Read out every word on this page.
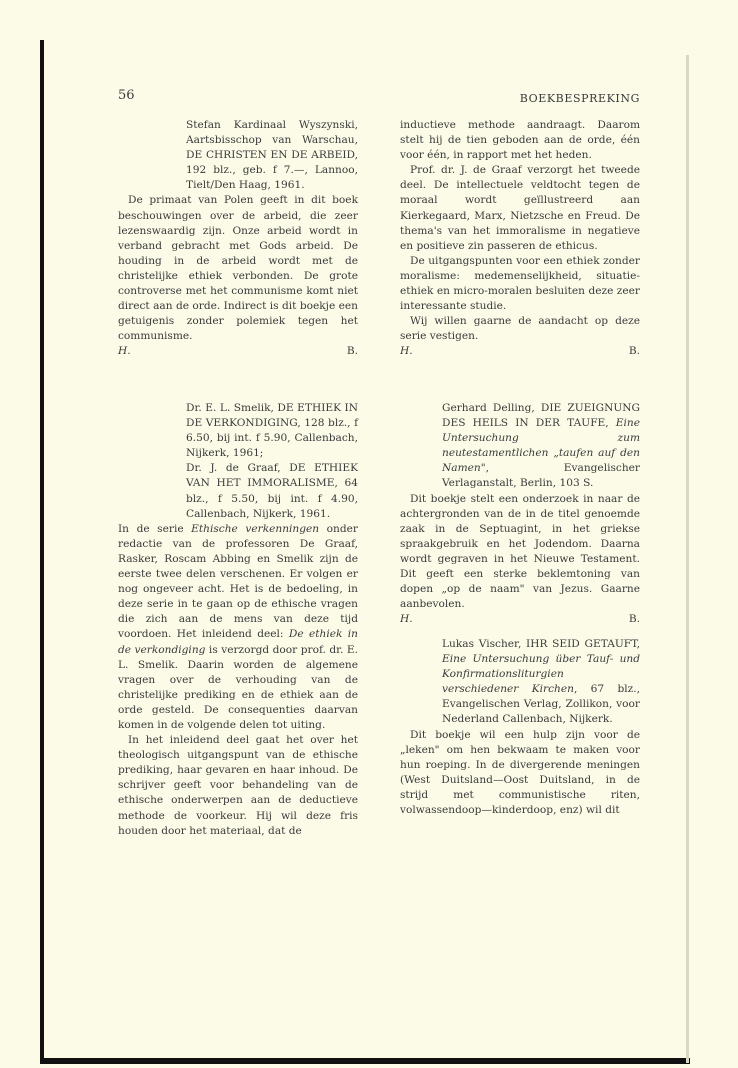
56	BOEKBESPREKING

Stefan Kardinaal Wyszynski, Aartsbisschop van Warschau, DE CHRISTEN EN DE ARBEID, 192 blz., geb. f 7.—, Lannoo, Tielt/Den Haag, 1961.

De primaat van Polen geeft in dit boek beschouwingen over de arbeid, die zeer lezenswaardig zijn. Onze arbeid wordt in verband gebracht met Gods arbeid. De houding in de arbeid wordt met de christelijke ethiek verbonden. De grote controverse met het communisme komt niet direct aan de orde. Indirect is dit boekje een getuigenis zonder polemiek tegen het communisme.

H.	B.

Dr. E. L. Smelik, DE ETHIEK IN DE VERKONDIGING, 128 blz., f 6.50, bij int. f 5.90, Callenbach, Nijkerk, 1961;

Dr. J. de Graaf, DE ETHIEK VAN HET IMMORALISME, 64 blz., f 5.50, bij int. f 4.90, Callenbach, Nijkerk, 1961.

In de serie Ethische verkenningen onder redactie van de professoren De Graaf, Rasker, Roscam Abbing en Smelik zijn de eerste twee delen verschenen. Er volgen er nog ongeveer acht. Het is de bedoeling, in deze serie in te gaan op de ethische vragen die zich aan de mens van deze tijd voordoen. Het inleidend deel: De ethiek in de verkondiging is verzorgd door prof. dr. E. L. Smelik. Daarin worden de algemene vragen over de verhouding van de christelijke prediking en de ethiek aan de orde gesteld. De consequenties daarvan komen in de volgende delen tot uiting.

In het inleidend deel gaat het over het theologisch uitgangspunt van de ethische prediking, haar gevaren en haar inhoud. De schrijver geeft voor behandeling van de ethische onderwerpen aan de deductieve methode de voorkeur. Hij wil deze fris houden door het materiaal, dat de

inductieve methode aandraagt. Daarom stelt hij de tien geboden aan de orde, één voor één, in rapport met het heden.

Prof. dr. J. de Graaf verzorgt het tweede deel. De intellectuele veldtocht tegen de moraal wordt geïllustreerd aan Kierkegaard, Marx, Nietzsche en Freud. De thema's van het immoralisme in negatieve en positieve zin passeren de ethicus.

De uitgangspunten voor een ethiek zonder moralisme: medemenselijkheid, situatie-ethiek en micro-moralen besluiten deze zeer interessante studie.

Wij willen gaarne de aandacht op deze serie vestigen.

H.	B.

Gerhard Delling, DIE ZUEIGNUNG DES HEILS IN DER TAUFE, Eine Untersuchung zum neutestamentlichen „taufen auf den Namen", Evangelischer Verlaganstalt, Berlin, 103 S.

Dit boekje stelt een onderzoek in naar de achtergronden van de in de titel genoemde zaak in de Septuagint, in het griekse spraakgebruik en het Jodendom. Daarna wordt gegraven in het Nieuwe Testament. Dit geeft een sterke beklemtoning van dopen „op de naam" van Jezus. Gaarne aanbevolen.

H.	B.

Lukas Vischer, IHR SEID GETAUFT, Eine Untersuchung über Tauf- und Konfirmationsliturgien verschiedener Kirchen, 67 blz., Evangelischen Verlag, Zollikon, voor Nederland Callenbach, Nijkerk.

Dit boekje wil een hulp zijn voor de „leken" om hen bekwaam te maken voor hun roeping. In de divergerende meningen (West Duitsland—Oost Duitsland, in de strijd met communistische riten, volwassendoop—kinderdoop, enz) wil dit
